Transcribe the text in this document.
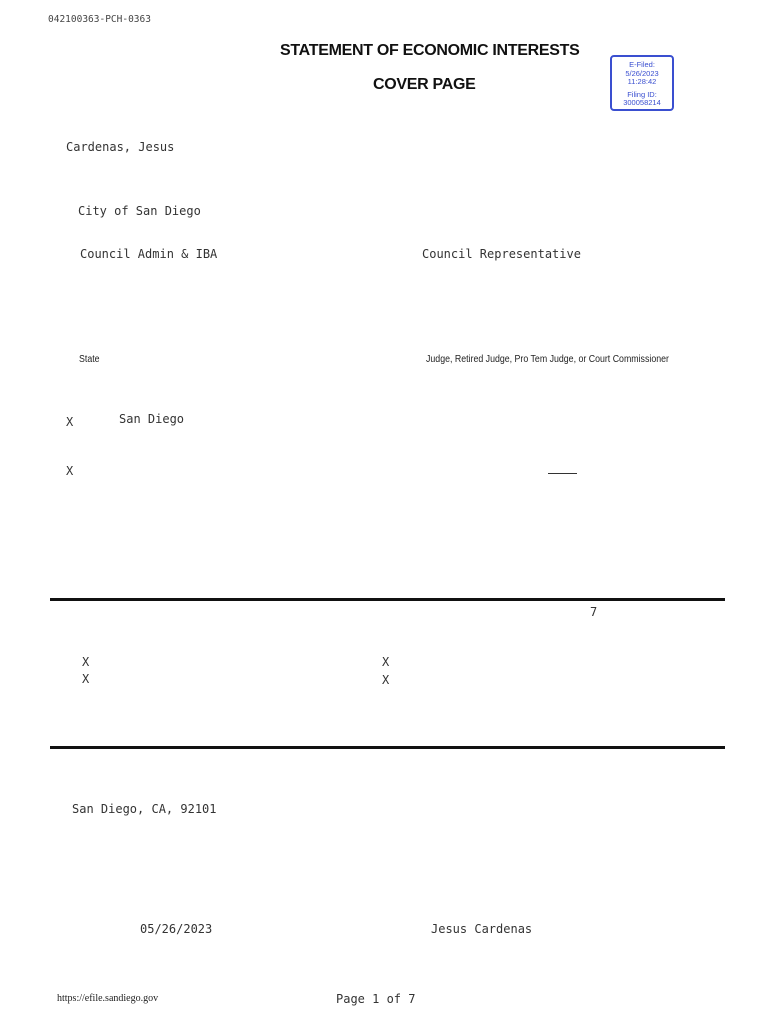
042100363-PCH-0363
STATEMENT OF ECONOMIC INTERESTS
COVER PAGE
E-Filed:
5/26/2023
11:28:42
Filing ID:
300058214
Cardenas, Jesus
City of San Diego
Council Admin & IBA	Council Representative
State	Judge, Retired Judge, Pro Tem Judge, or Court Commissioner
X	San Diego
X
7
X
X
X
X
San Diego, CA, 92101
05/26/2023	Jesus Cardenas
https://efile.sandiego.gov	Page 1 of 7
